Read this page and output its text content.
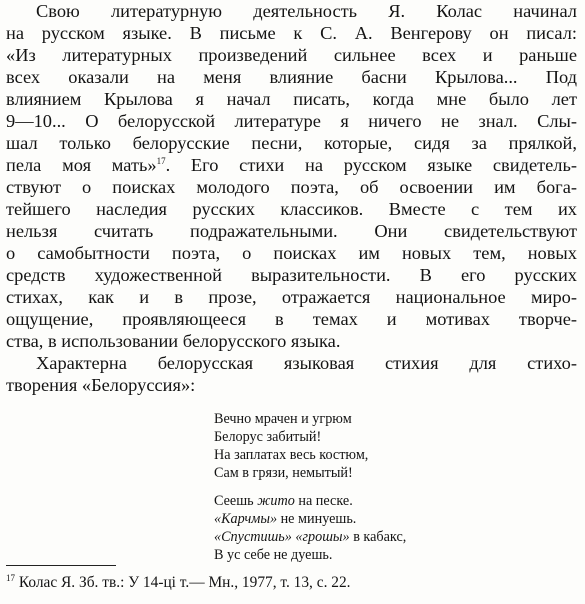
Свою литературную деятельность Я. Колас начинал

на русском языке. В письме к С. А. Венгерову он писал:

«Из литературных произведений сильнее всех и раньше

всех оказали на меня влияние басни Крылова... Под

влиянием Крылова я начал писать, когда мне было лет

9—10... О белорусской литературе я ничего не знал. Слы-

шал только белорусские песни, которые, сидя за прялкой,

пела моя мать»$^{17}$. Его стихи на русском языке свидетель-

ствуют о поисках молодого поэта, об освоении им бога-

тейшего наследия русских классиков. Вместе с тем их

нельзя считать подражательными. Они свидетельствуют

о самобытности поэта, о поисках им новых тем, новых

средств художественной выразительности. В его русских

стихах, как и в прозе, отражается национальное миро-

ощущение, проявляющееся в темах и мотивах творче-

ства, в использовании белорусского языка.

Характерна белорусская языковая стихия для стихо-

творения «Белоруссия»:

Вечно мрачен и угрюм

Белорус забитый!

На заплатах весь костюм,

Сам в грязи, немытый!

Сеешь жито на песке.

«Карчмы» не минуешь.

«Спустишь» «грошы» в кабакс,

В ус себе не дуешь.

$^{17}$ Колас Я. Зб. тв.: У 14-ці т.— Мн., 1977, т. 13, с. 22.
